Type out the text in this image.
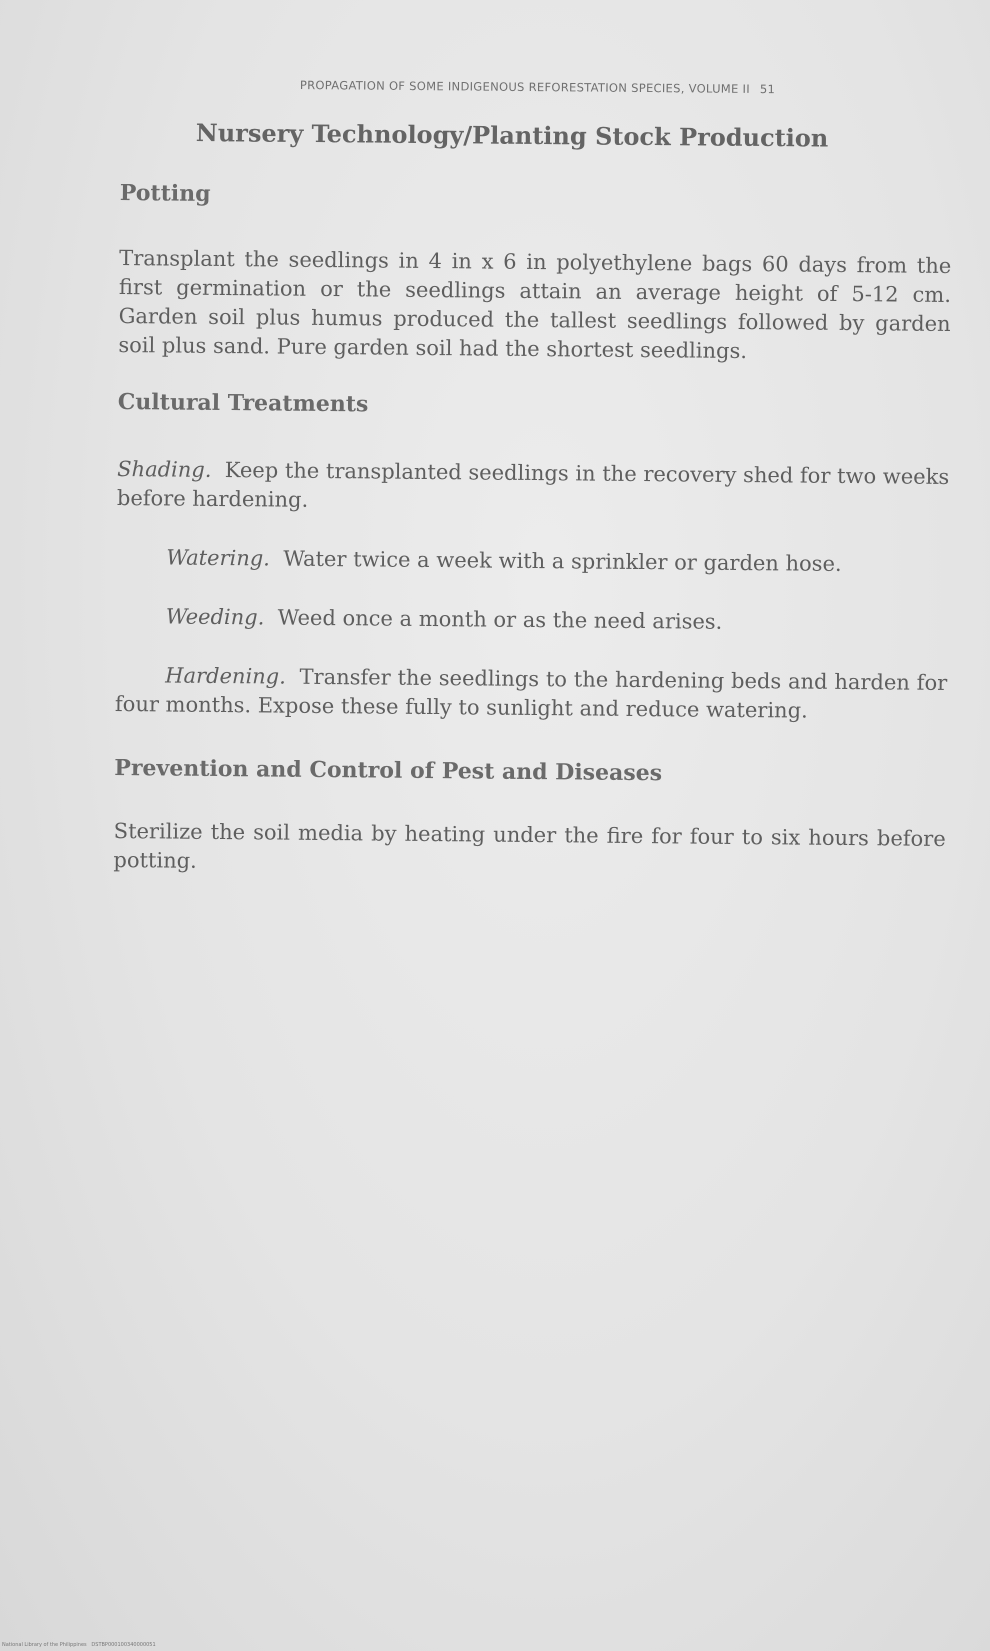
PROPAGATION OF SOME INDIGENOUS REFORESTATION SPECIES, VOLUME II 51
Nursery Technology/Planting Stock Production
Potting

Transplant the seedlings in 4 in x 6 in polyethylene bags 60 days from the first germination or the seedlings attain an average height of 5-12 cm. Garden soil plus humus produced the tallest seedlings followed by garden soil plus sand. Pure garden soil had the shortest seedlings.

Cultural Treatments

Shading. Keep the transplanted seedlings in the recovery shed for two weeks before hardening.

Watering. Water twice a week with a sprinkler or garden hose.

Weeding. Weed once a month or as the need arises.

Hardening. Transfer the seedlings to the hardening beds and harden for four months. Expose these fully to sunlight and reduce watering.

Prevention and Control of Pest and Diseases

Sterilize the soil media by heating under the fire for four to six hours before potting.

National Library of the Philippines DSTBP000100340000051
